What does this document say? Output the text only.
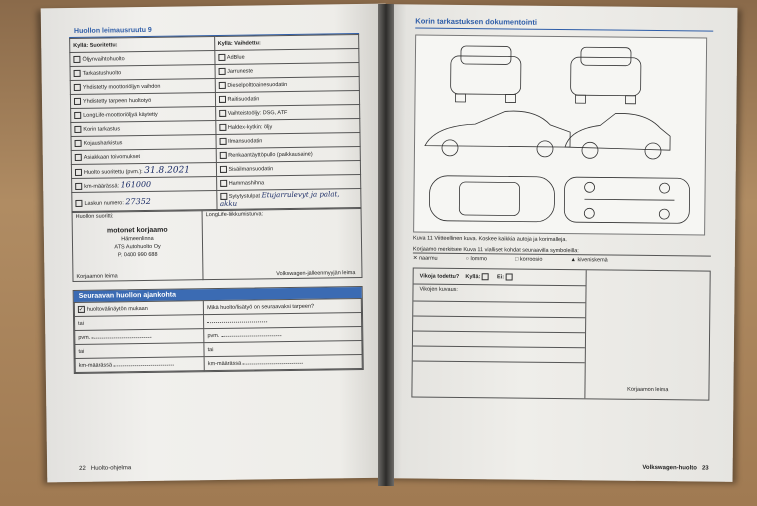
Huollon leimausruutu 9
Kyllä: Suoritettu:	Kyllä: Vaihdettu:
Öljynvaihtohuolto	AdBlue
Tarkastushuolto	Jarruneste
Yhdistetty moottoriöljyn vaihdon	Dieselpolttoainesuodatin
Yhdistetty tarpeen huoltotyö	Raitisuodatin
LongLife-moottoriöljyä käytetty	Vaihteistoöljy: DSG, ATF
Korin tarkastus	Haldex-kytkin: öljy
Kojausharkistus	Ilmansuodatin
Asiakkaan toivomukset	Renkaantäyttöpullo (paikkausaine)
Huolto suoritettu (pvm.): 31.8.2021	Sisäilmansuodatin
km-määrässä: 161000	Hammashihna
Laskun numero: 27352	Sytytystulpat Etujarrulevyt ja palat, akku
Huollon suoritti:
motonet korjaamo
Hämeenlinna
ATS Autohuolto Oy
P. 0400 990 688
Korjaamon leima

LongLife-liikkumisturva:
Volkswagen-jälleenmyyjän leima
Seuraavan huollon ajankohta
✓ huoltovälinäytön mukaan	Mikä huolto/lisätyö on seuraavaksi tarpeen?
tai	
pvm.	pvm.
tai	tai
km-määrässä	km-määrässä
22 Huolto-ohjelma
Korin tarkastuksen dokumentointi
Kuva 11 Viitteellinen kuva. Koskee kaikkia autoja ja korimalleja.
Korjaamo merkitsee Kuva 11 vialliset kohdat seuraavilla symboleilla:
✕ naarmu	○ lommo	□ korroosio	▲ kiveniskemä
Vikoja todettu? Kyllä:	Ei:
Vikojen kuvaus:
Korjaamon leima
Volkswagen-huolto 23
